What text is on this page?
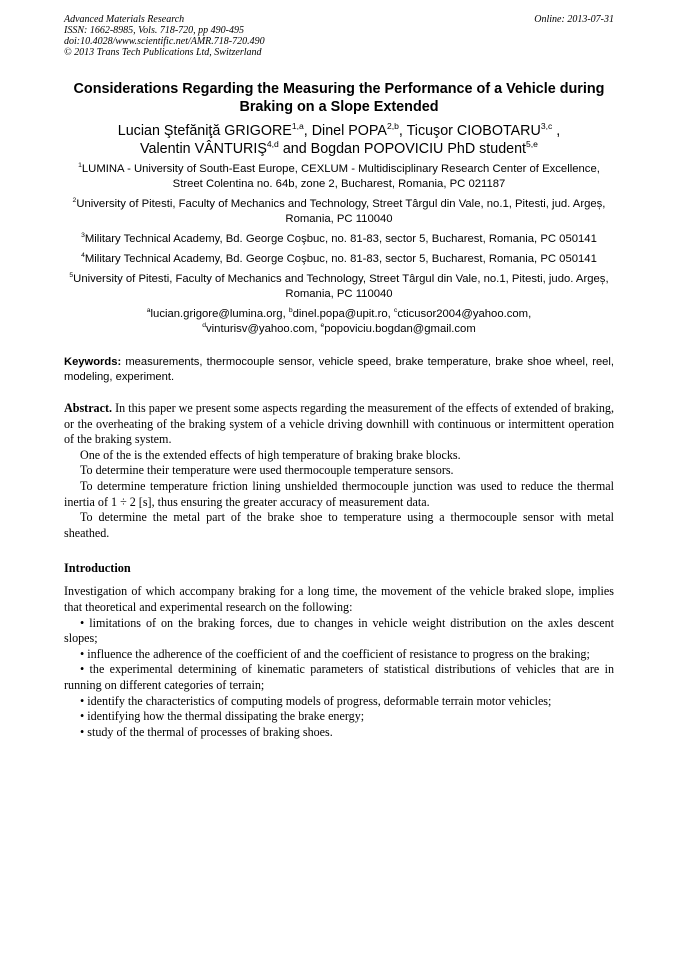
Advanced Materials Research
ISSN: 1662-8985, Vols. 718-720, pp 490-495
doi:10.4028/www.scientific.net/AMR.718-720.490
© 2013 Trans Tech Publications Ltd, Switzerland
Online: 2013-07-31
Considerations Regarding the Measuring the Performance of a Vehicle during Braking on a Slope Extended
Lucian Ştefăniţă GRIGORE$^{1,a}$, Dinel POPA$^{2,b}$, Ticuşor CIOBOTARU$^{3,c}$ ,
Valentin VÂNTURIŞ$^{4,d}$ and Bogdan POPOVICIU PhD student$^{5,e}$

$^1$LUMINA - University of South-East Europe, CEXLUM - Multidisciplinary Research Center of Excellence, Street Colentina no. 64b, zone 2, Bucharest, Romania, PC 021187

$^2$University of Pitesti, Faculty of Mechanics and Technology, Street Târgul din Vale, no.1, Pitesti, jud. Argeș, Romania, PC 110040

$^3$Military Technical Academy, Bd. George Coşbuc, no. 81-83, sector 5, Bucharest, Romania, PC 050141

$^4$Military Technical Academy, Bd. George Coşbuc, no. 81-83, sector 5, Bucharest, Romania, PC 050141

$^5$University of Pitesti, Faculty of Mechanics and Technology, Street Târgul din Vale, no.1, Pitesti, judo. Argeș, Romania, PC 110040

$^a$lucian.grigore@lumina.org, $^b$dinel.popa@upit.ro, $^c$cticusor2004@yahoo.com,
$^d$vinturisv@yahoo.com, $^e$popoviciu.bogdan@gmail.com
Keywords: measurements, thermocouple sensor, vehicle speed, brake temperature, brake shoe wheel, reel, modeling, experiment.

Abstract. In this paper we present some aspects regarding the measurement of the effects of extended of braking, or the overheating of the braking system of a vehicle driving downhill with continuous or intermittent operation of the braking system.

One of the is the extended effects of high temperature of braking brake blocks.

To determine their temperature were used thermocouple temperature sensors.

To determine temperature friction lining unshielded thermocouple junction was used to reduce the thermal inertia of 1 ÷ 2 [s], thus ensuring the greater accuracy of measurement data.

To determine the metal part of the brake shoe to temperature using a thermocouple sensor with metal sheathed.

Introduction

Investigation of which accompany braking for a long time, the movement of the vehicle braked slope, implies that theoretical and experimental research on the following:

• limitations of on the braking forces, due to changes in vehicle weight distribution on the axles descent slopes;

• influence the adherence of the coefficient of and the coefficient of resistance to progress on the braking;

• the experimental determining of kinematic parameters of statistical distributions of vehicles that are in running on different categories of terrain;

• identify the characteristics of computing models of progress, deformable terrain motor vehicles;

• identifying how the thermal dissipating the brake energy;

• study of the thermal of processes of braking shoes.
